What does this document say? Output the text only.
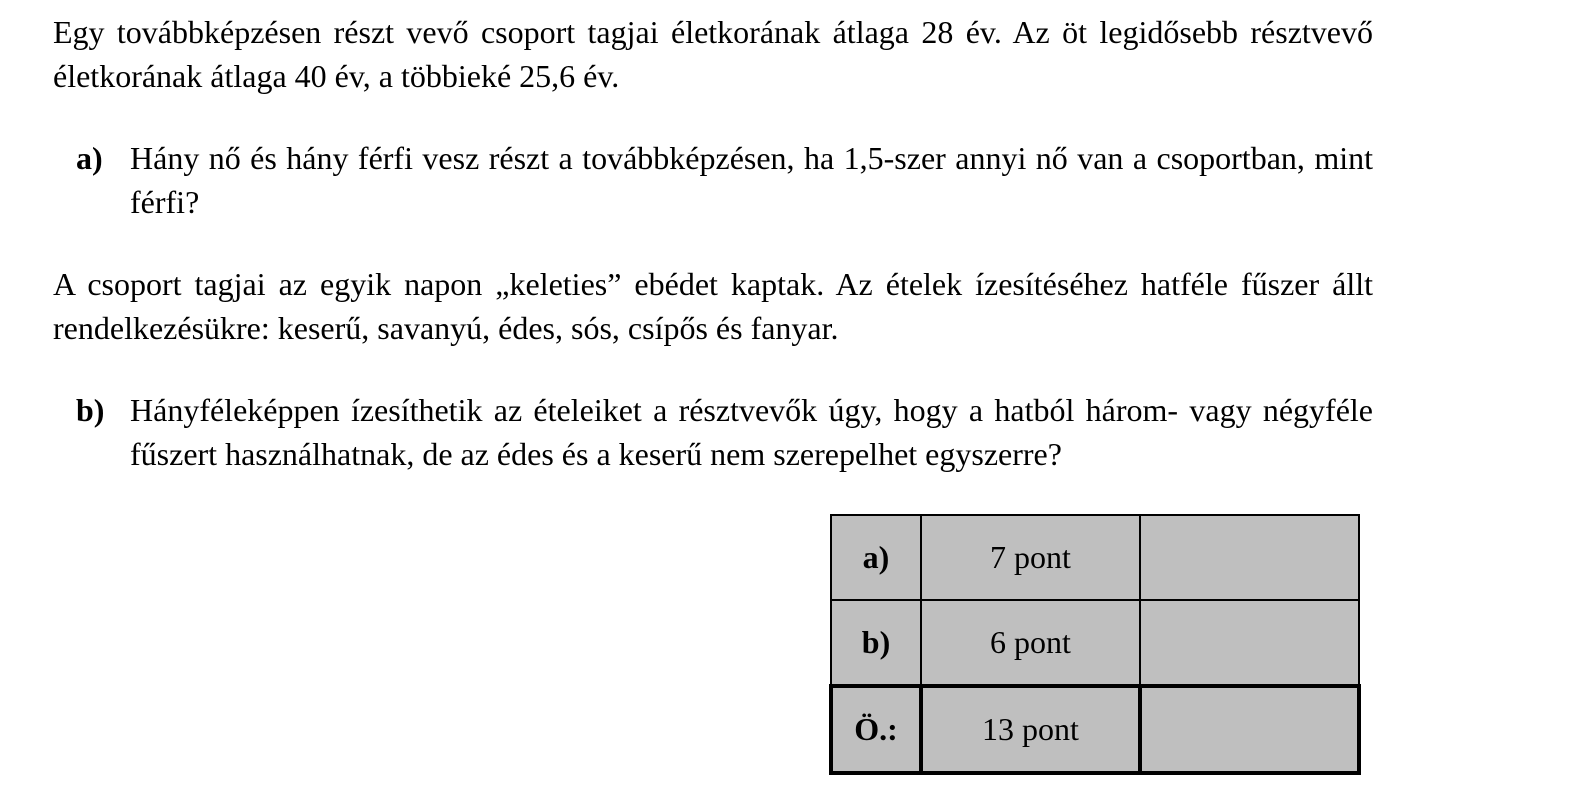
Egy továbbképzésen részt vevő csoport tagjai életkorának átlaga 28 év. Az öt legidősebb résztvevő életkorának átlaga 40 év, a többieké 25,6 év.

a) Hány nő és hány férfi vesz részt a továbbképzésen, ha 1,5-szer annyi nő van a csoportban, mint férfi?

A csoport tagjai az egyik napon „keleties” ebédet kaptak. Az ételek ízesítéséhez hatféle fűszer állt rendelkezésükre: keserű, savanyú, édes, sós, csípős és fanyar.

b) Hányféleképpen ízesíthetik az ételeiket a résztvevők úgy, hogy a hatból három- vagy négyféle fűszert használhatnak, de az édes és a keserű nem szerepelhet egyszerre?
a)	7 pont	
b)	6 pont	
Ö.:	13 pont	
